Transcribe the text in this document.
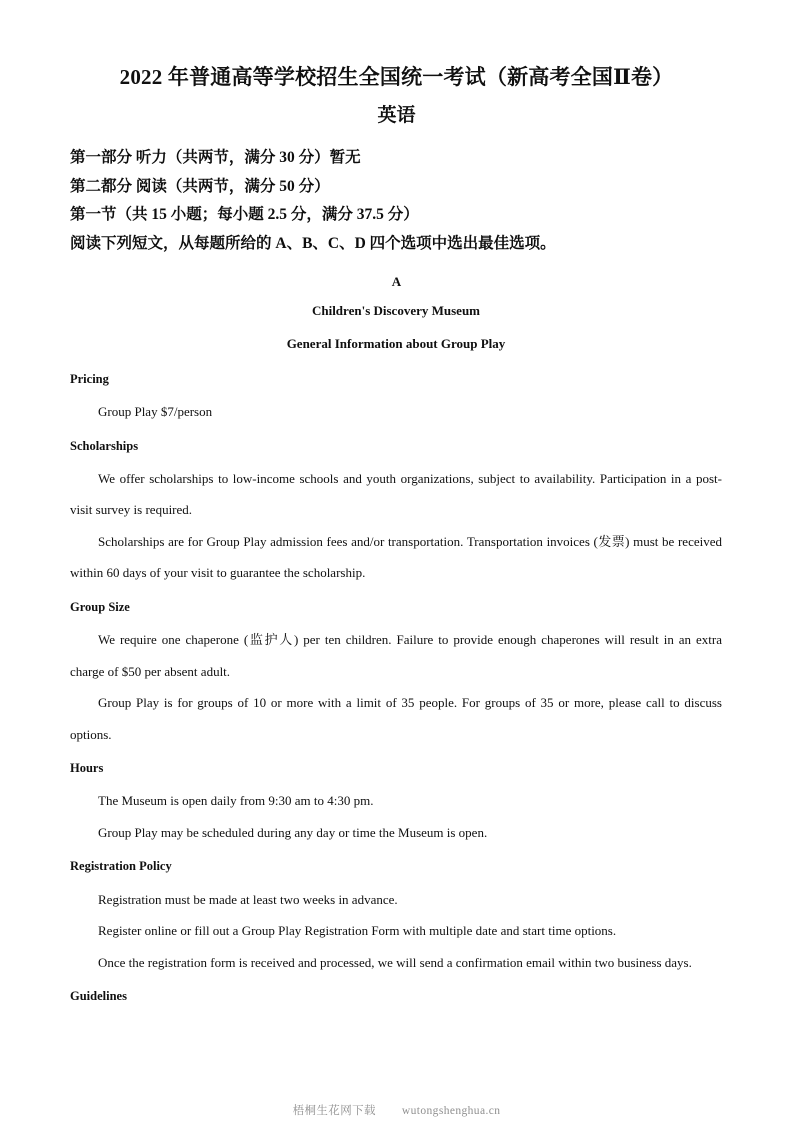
2022 年普通高等学校招生全国统一考试（新高考全国Ⅱ卷）
英语
第一部分 听力（共两节，满分 30 分）暂无
第二都分 阅读（共两节，满分 50 分）
第一节（共 15 小题；每小题 2.5 分，满分 37.5 分）
阅读下列短文，从每题所给的 A、B、C、D 四个选项中选出最佳选项。
A
Children's Discovery Museum
General Information about Group Play
Pricing

Group Play $7/person

Scholarships

We offer scholarships to low-income schools and youth organizations, subject to availability. Participation in a post-visit survey is required.

Scholarships are for Group Play admission fees and/or transportation. Transportation invoices (发票) must be received within 60 days of your visit to guarantee the scholarship.

Group Size

We require one chaperone (监护人) per ten children. Failure to provide enough chaperones will result in an extra charge of $50 per absent adult.

Group Play is for groups of 10 or more with a limit of 35 people. For groups of 35 or more, please call to discuss options.

Hours

The Museum is open daily from 9:30 am to 4:30 pm.

Group Play may be scheduled during any day or time the Museum is open.

Registration Policy

Registration must be made at least two weeks in advance.

Register online or fill out a Group Play Registration Form with multiple date and start time options.

Once the registration form is received and processed, we will send a confirmation email within two business days.

Guidelines
梧桐生花网下载 wutongshenghua.cn
